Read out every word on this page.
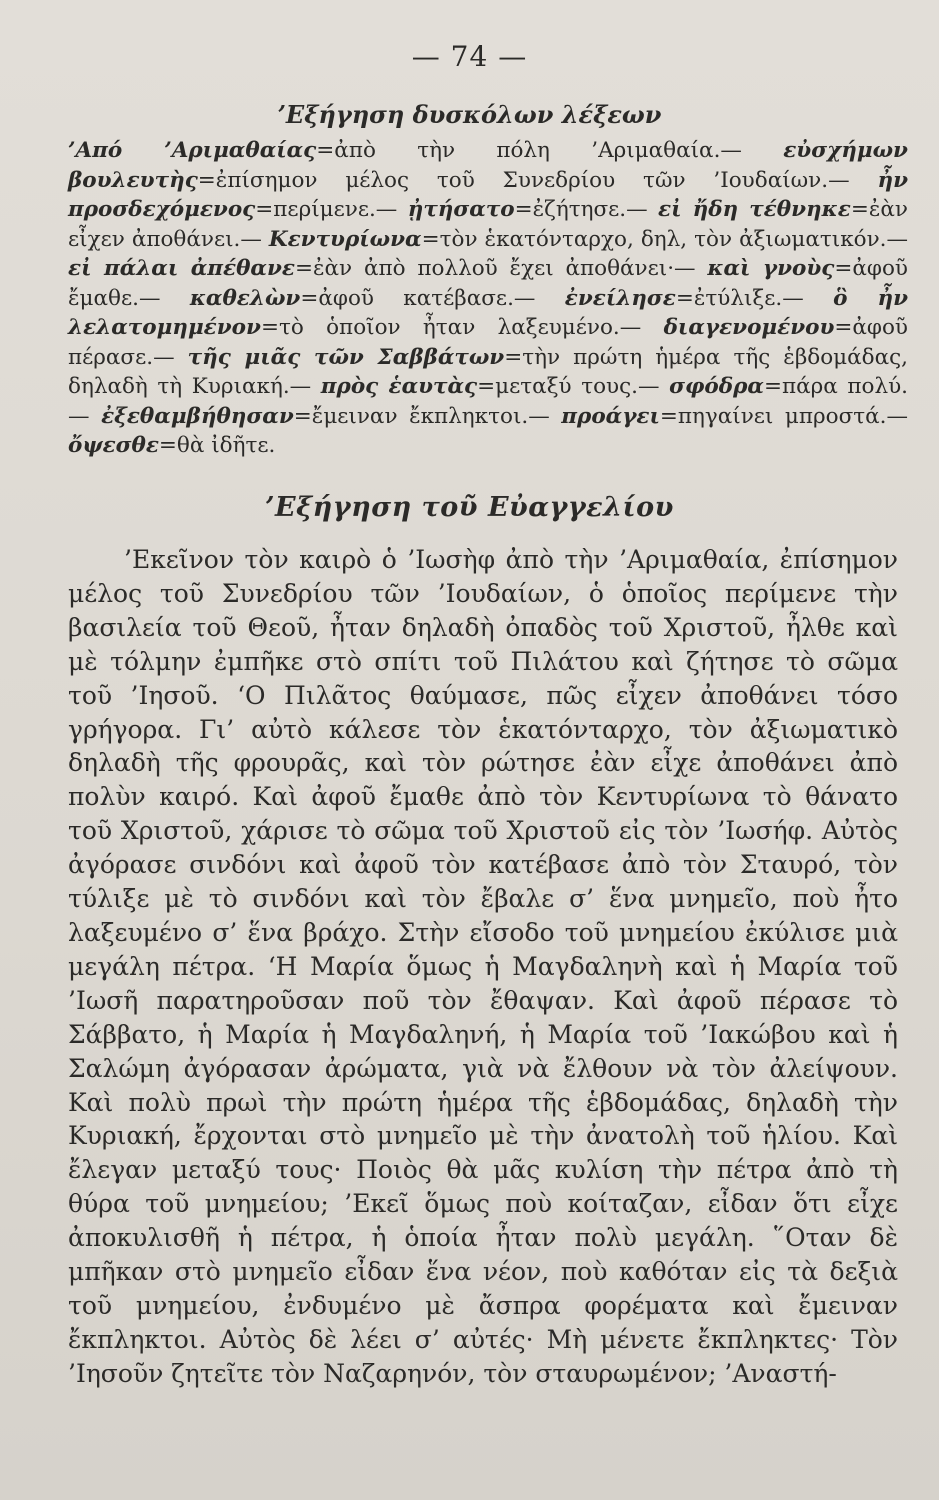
— 74 —
’Εξήγηση δυσκόλων λέξεων
’Από ’Αριμαθαίας=ἀπὸ τὴν πόλη ’Αριμαθαία.— εὐσχήμων βουλευτὴς=ἐπίσημον μέλος τοῦ Συνεδρίου τῶν ’Ιουδαίων.— ἦν προσδεχόμενος=περίμενε.— ᾐτήσατο=ἐζήτησε.— εἰ ἤδη τέθνηκε=ἐὰν εἶχεν ἀποθάνει.— Κεντυρίωνα=τὸν ἑκατόνταρχο, δηλ, τὸν ἀξιωματικόν.— εἰ πάλαι ἀπέθανε=ἐὰν ἀπὸ πολλοῦ ἔχει ἀποθάνει·— καὶ γνοὺς=ἀφοῦ ἔμαθε.— καθελὼν=ἀφοῦ κατέβασε.— ἐνείλησε=ἐτύλιξε.— ὃ ἦν λελατομημένον=τὸ ὁποῖον ἦταν λαξευμένο.— διαγενομένου=ἀφοῦ πέρασε.— τῆς μιᾶς τῶν Σαββάτων=τὴν πρώτη ἡμέρα τῆς ἑβδομάδας, δηλαδὴ τὴ Κυριακή.— πρὸς ἑαυτὰς=μεταξύ τους.— σφόδρα=πάρα πολύ.— ἐξεθαμβήθησαν=ἔμειναν ἔκπληκτοι.— προάγει=πηγαίνει μπροστά.— ὄψεσθε=θὰ ἰδῆτε.
’Εξήγηση τοῦ Εὐαγγελίου

’Εκεῖνον τὸν καιρὸ ὁ ’Ιωσὴφ ἀπὸ τὴν ’Αριμαθαία, ἐπίσημον μέλος τοῦ Συνεδρίου τῶν ’Ιουδαίων, ὁ ὁποῖος περίμενε τὴν βασιλεία τοῦ Θεοῦ, ἦταν δηλαδὴ ὀπαδὸς τοῦ Χριστοῦ, ἦλθε καὶ μὲ τόλμην ἐμπῆκε στὸ σπίτι τοῦ Πιλάτου καὶ ζήτησε τὸ σῶμα τοῦ ’Ιησοῦ. ‘Ο Πιλᾶτος θαύμασε, πῶς εἶχεν ἀποθάνει τόσο γρήγορα. Γι’ αὐτὸ κάλεσε τὸν ἑκατόνταρχο, τὸν ἀξιωματικὸ δηλαδὴ τῆς φρουρᾶς, καὶ τὸν ρώτησε ἐὰν εἶχε ἀποθάνει ἀπὸ πολὺν καιρό. Καὶ ἀφοῦ ἔμαθε ἀπὸ τὸν Κεντυρίωνα τὸ θάνατο τοῦ Χριστοῦ, χάρισε τὸ σῶμα τοῦ Χριστοῦ εἰς τὸν ’Ιωσήφ. Αὐτὸς ἀγόρασε σινδόνι καὶ ἀφοῦ τὸν κατέβασε ἀπὸ τὸν Σταυρό, τὸν τύλιξε μὲ τὸ σινδόνι καὶ τὸν ἔβαλε σ’ ἕνα μνημεῖο, ποὺ ἦτο λαξευμένο σ’ ἕνα βράχο. Στὴν εἴσοδο τοῦ μνημείου ἐκύλισε μιὰ μεγάλη πέτρα. ‘Η Μαρία ὅμως ἡ Μαγδαληνὴ καὶ ἡ Μαρία τοῦ ’Ιωσῆ παρατηροῦσαν ποῦ τὸν ἔθαψαν. Καὶ ἀφοῦ πέρασε τὸ Σάββατο, ἡ Μαρία ἡ Μαγδαληνή, ἡ Μαρία τοῦ ’Ιακώβου καὶ ἡ Σαλώμη ἀγόρασαν ἀρώματα, γιὰ νὰ ἔλθουν νὰ τὸν ἀλείψουν. Καὶ πολὺ πρωὶ τὴν πρώτη ἡμέρα τῆς ἑβδομάδας, δηλαδὴ τὴν Κυριακή, ἔρχονται στὸ μνημεῖο μὲ τὴν ἀνατολὴ τοῦ ἡλίου. Καὶ ἔλεγαν μεταξύ τους· Ποιὸς θὰ μᾶς κυλίση τὴν πέτρα ἀπὸ τὴ θύρα τοῦ μνημείου; ’Εκεῖ ὅμως ποὺ κοίταζαν, εἶδαν ὅτι εἶχε ἀποκυλισθῆ ἡ πέτρα, ἡ ὁποία ἦταν πολὺ μεγάλη. ῞Οταν δὲ μπῆκαν στὸ μνημεῖο εἶδαν ἕνα νέον, ποὺ καθόταν εἰς τὰ δεξιὰ τοῦ μνημείου, ἐνδυμένο μὲ ἄσπρα φορέματα καὶ ἔμειναν ἔκπληκτοι. Αὐτὸς δὲ λέει σ’ αὐτές· Μὴ μένετε ἔκπληκτες· Τὸν ’Ιησοῦν ζητεῖτε τὸν Ναζαρηνόν, τὸν σταυρωμένον; ’Αναστή-
